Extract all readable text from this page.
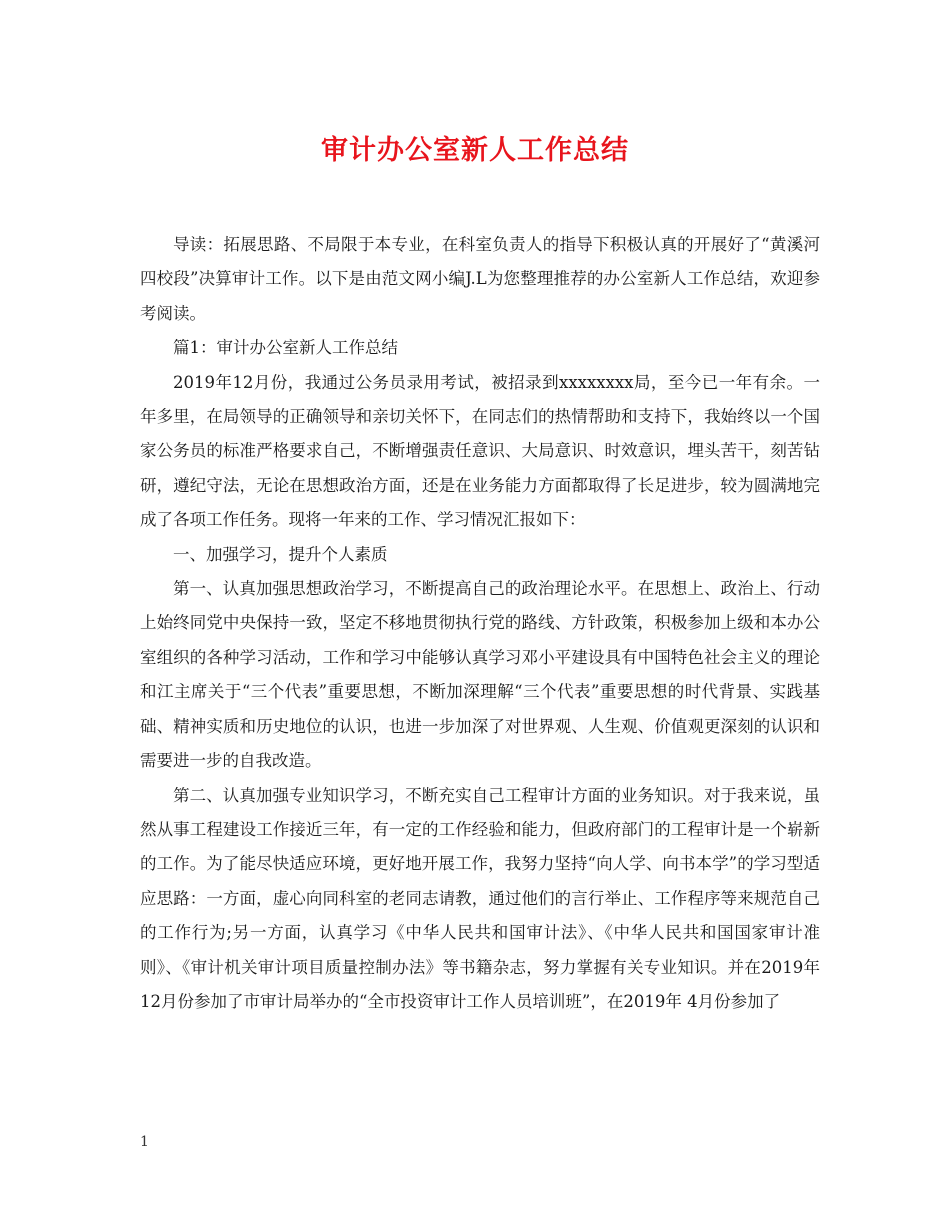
审计办公室新人工作总结

导读：拓展思路、不局限于本专业，在科室负责人的指导下积极认真的开展好了“黄溪河四校段”决算审计工作。以下是由范文网小编J.L为您整理推荐的办公室新人工作总结，欢迎参考阅读。

篇1：审计办公室新人工作总结

2019年12月份，我通过公务员录用考试，被招录到xxxxxxxx局，至今已一年有余。一年多里，在局领导的正确领导和亲切关怀下，在同志们的热情帮助和支持下，我始终以一个国家公务员的标准严格要求自己，不断增强责任意识、大局意识、时效意识，埋头苦干，刻苦钻研，遵纪守法，无论在思想政治方面，还是在业务能力方面都取得了长足进步，较为圆满地完成了各项工作任务。现将一年来的工作、学习情况汇报如下：

一、加强学习，提升个人素质

第一、认真加强思想政治学习，不断提高自己的政治理论水平。在思想上、政治上、行动上始终同党中央保持一致，坚定不移地贯彻执行党的路线、方针政策，积极参加上级和本办公室组织的各种学习活动，工作和学习中能够认真学习邓小平建设具有中国特色社会主义的理论和江主席关于“三个代表”重要思想，不断加深理解“三个代表”重要思想的时代背景、实践基础、精神实质和历史地位的认识，也进一步加深了对世界观、人生观、价值观更深刻的认识和需要进一步的自我改造。

第二、认真加强专业知识学习，不断充实自己工程审计方面的业务知识。对于我来说，虽然从事工程建设工作接近三年，有一定的工作经验和能力，但政府部门的工程审计是一个崭新的工作。为了能尽快适应环境，更好地开展工作，我努力坚持“向人学、向书本学”的学习型适应思路：一方面，虚心向同科室的老同志请教，通过他们的言行举止、工作程序等来规范自己的工作行为;另一方面，认真学习《中华人民共和国审计法》、《中华人民共和国国家审计准则》、《审计机关审计项目质量控制办法》等书籍杂志，努力掌握有关专业知识。并在2019年12月份参加了市审计局举办的“全市投资审计工作人员培训班”，在2019年 4月份参加了

1
